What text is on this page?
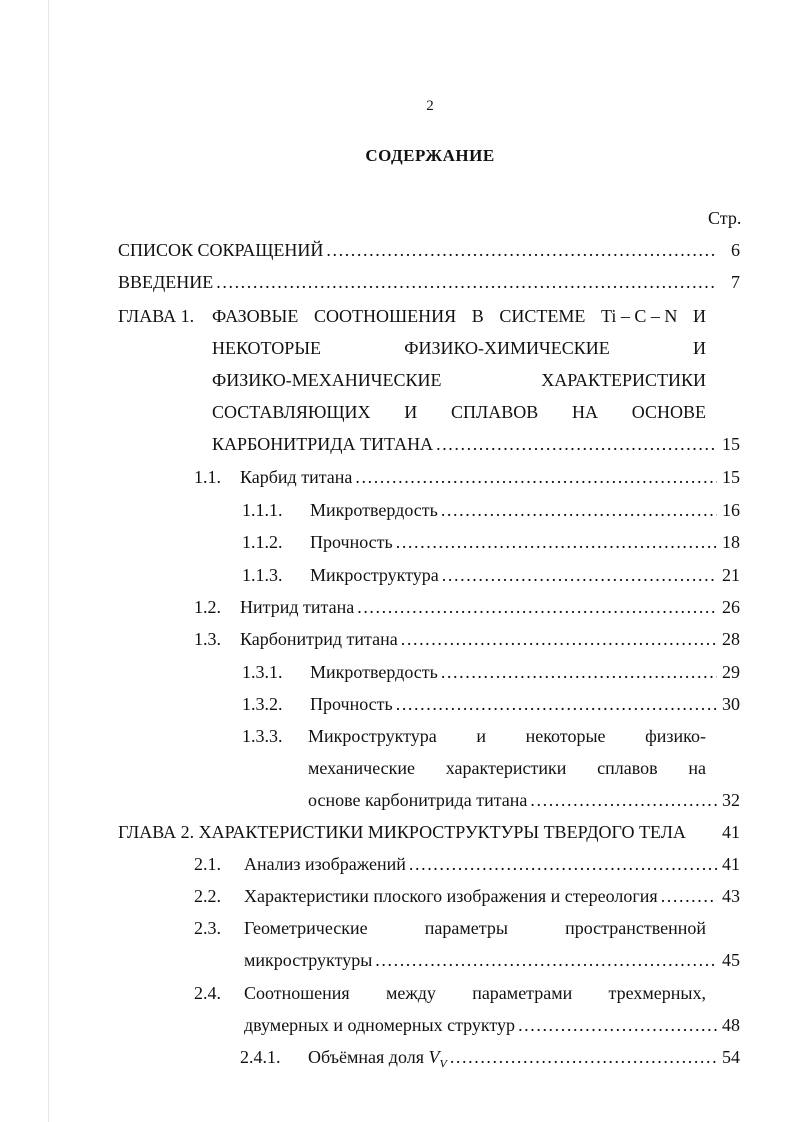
2
СОДЕРЖАНИЕ
Стр.
СПИСОК СОКРАЩЕНИЙ .....	6
ВВЕДЕНИЕ .....	7
ГЛАВА 1. ФАЗОВЫЕ СООТНОШЕНИЯ В СИСТЕМЕ Ti – C – N И
НЕКОТОРЫЕ	ФИЗИКО-ХИМИЧЕСКИЕ	И
ФИЗИКО-МЕХАНИЧЕСКИЕ	ХАРАКТЕРИСТИКИ
СОСТАВЛЯЮЩИХ И СПЛАВОВ НА ОСНОВЕ
КАРБОНИТРИДА ТИТАНА .....	15
1.1. Карбид титана .....	15
1.1.1. Микротвердость .....	16
1.1.2. Прочность .....	18
1.1.3. Микроструктура .....	21
1.2. Нитрид титана .....	26
1.3. Карбонитрид титана .....	28
1.3.1. Микротвердость .....	29
1.3.2. Прочность .....	30
1.3.3. Микроструктура и некоторые физико-
механические характеристики сплавов на
основе карбонитрида титана .....	32
ГЛАВА 2. ХАРАКТЕРИСТИКИ МИКРОСТРУКТУРЫ ТВЕРДОГО ТЕЛА 41
2.1. Анализ изображений .....	41
2.2. Характеристики плоского изображения и стереология .....	43
2.3. Геометрические	параметры	пространственной
микроструктуры .....	45
2.4. Соотношения между параметрами трехмерных,
двумерных и одномерных структур .....	48
2.4.1. Объёмная доля $V_V$ .....	54
